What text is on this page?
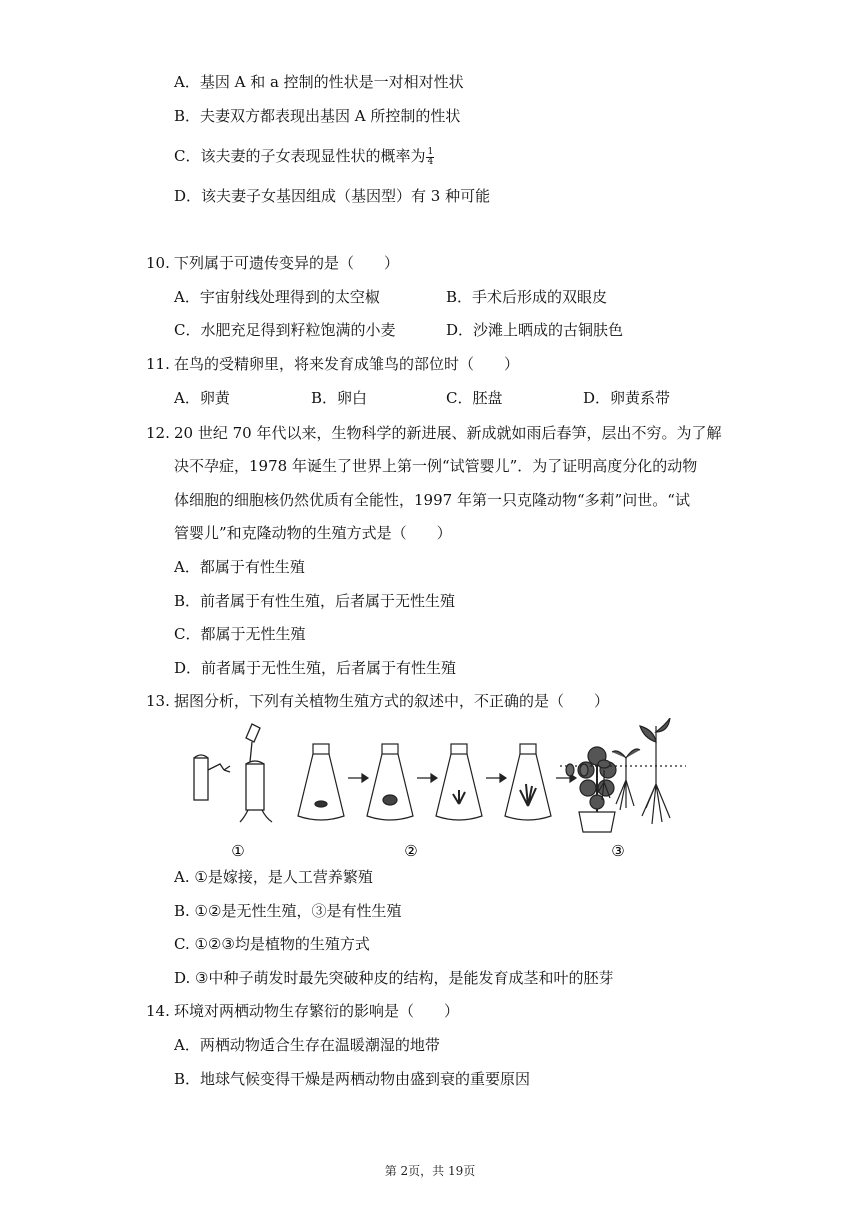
A．基因 A 和 a 控制的性状是一对相对性状
B．夫妻双方都表现出基因 A 所控制的性状
C．该夫妻的子女表现显性状的概率为 $\frac{1}{4}$
D．该夫妻子女基因组成（基因型）有 3 种可能
10. 下列属于可遗传变异的是（　　）
A．宇宙射线处理得到的太空椒	B．手术后形成的双眼皮
C．水肥充足得到籽粒饱满的小麦	D．沙滩上晒成的古铜肤色
11. 在鸟的受精卵里，将来发育成雏鸟的部位时（　　）
A．卵黄	B．卵白	C．胚盘	D．卵黄系带
12. 20 世纪 70 年代以来，生物科学的新进展、新成就如雨后春笋，层出不穷。为了解
决不孕症，1978 年诞生了世界上第一例“试管婴儿”．为了证明高度分化的动物
体细胞的细胞核仍然优质有全能性，1997 年第一只克隆动物“多莉”问世。“试
管婴儿”和克隆动物的生殖方式是（　　）
A．都属于有性生殖
B．前者属于有性生殖，后者属于无性生殖
C．都属于无性生殖
D．前者属于无性生殖，后者属于有性生殖
13. 据图分析，下列有关植物生殖方式的叙述中，不正确的是（　　）
①	②	③
A. ①是嫁接，是人工营养繁殖
B. ①②是无性生殖，③是有性生殖
C. ①②③均是植物的生殖方式
D. ③中种子萌发时最先突破种皮的结构，是能发育成茎和叶的胚芽
14. 环境对两栖动物生存繁衍的影响是（　　）
A．两栖动物适合生存在温暖潮湿的地带
B．地球气候变得干燥是两栖动物由盛到衰的重要原因
第 2页，共 19页
